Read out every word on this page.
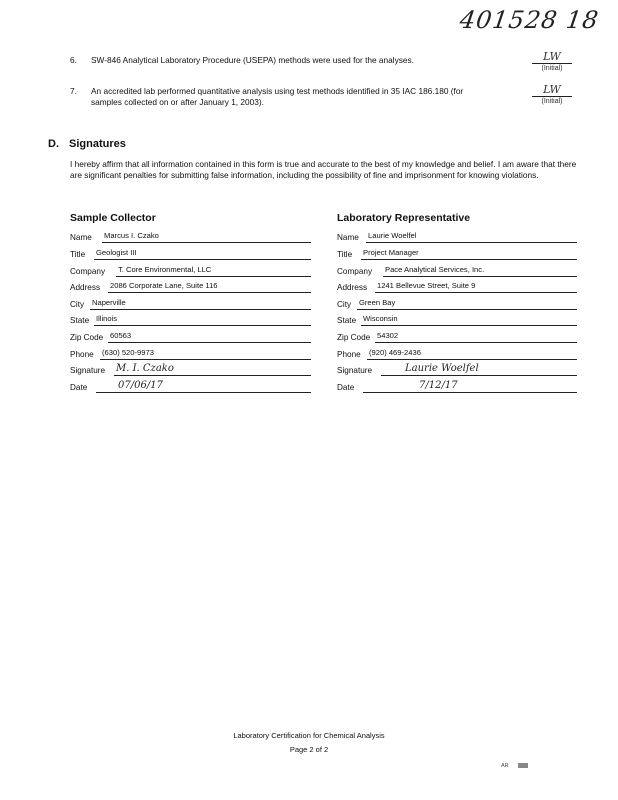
401528 18
6. SW-846 Analytical Laboratory Procedure (USEPA) methods were used for the analyses.	LW
(Initial)
7. An accredited lab performed quantitative analysis using test methods identified in 35 IAC 186.180 (for samples collected on or after January 1, 2003).
LW
(Initial)
D. Signatures
I hereby affirm that all information contained in this form is true and accurate to the best of my knowledge and belief. I am aware that there are significant penalties for submitting false information, including the possibility of fine and imprisonment for knowing violations.
Sample Collector	Laboratory Representative
Name Marcus I. Czako
Title Geologist III
Company T. Core Environmental, LLC
Address 2086 Corporate Lane, Suite 116
City Naperville
State Illinois
Zip Code 60563
Phone (630) 520-9973
Signature M. I. Czako
Date	07/06/17
Name Laurie Woelfel
Title Project Manager
Company Pace Analytical Services, Inc.
Address 1241 Bellevue Street, Suite 9
City Green Bay
State Wisconsin
Zip Code 54302
Phone (920) 469-2436
Signature	Laurie Woelfel
Date	7/12/17
Laboratory Certification for Chemical Analysis
Page 2 of 2
AR
